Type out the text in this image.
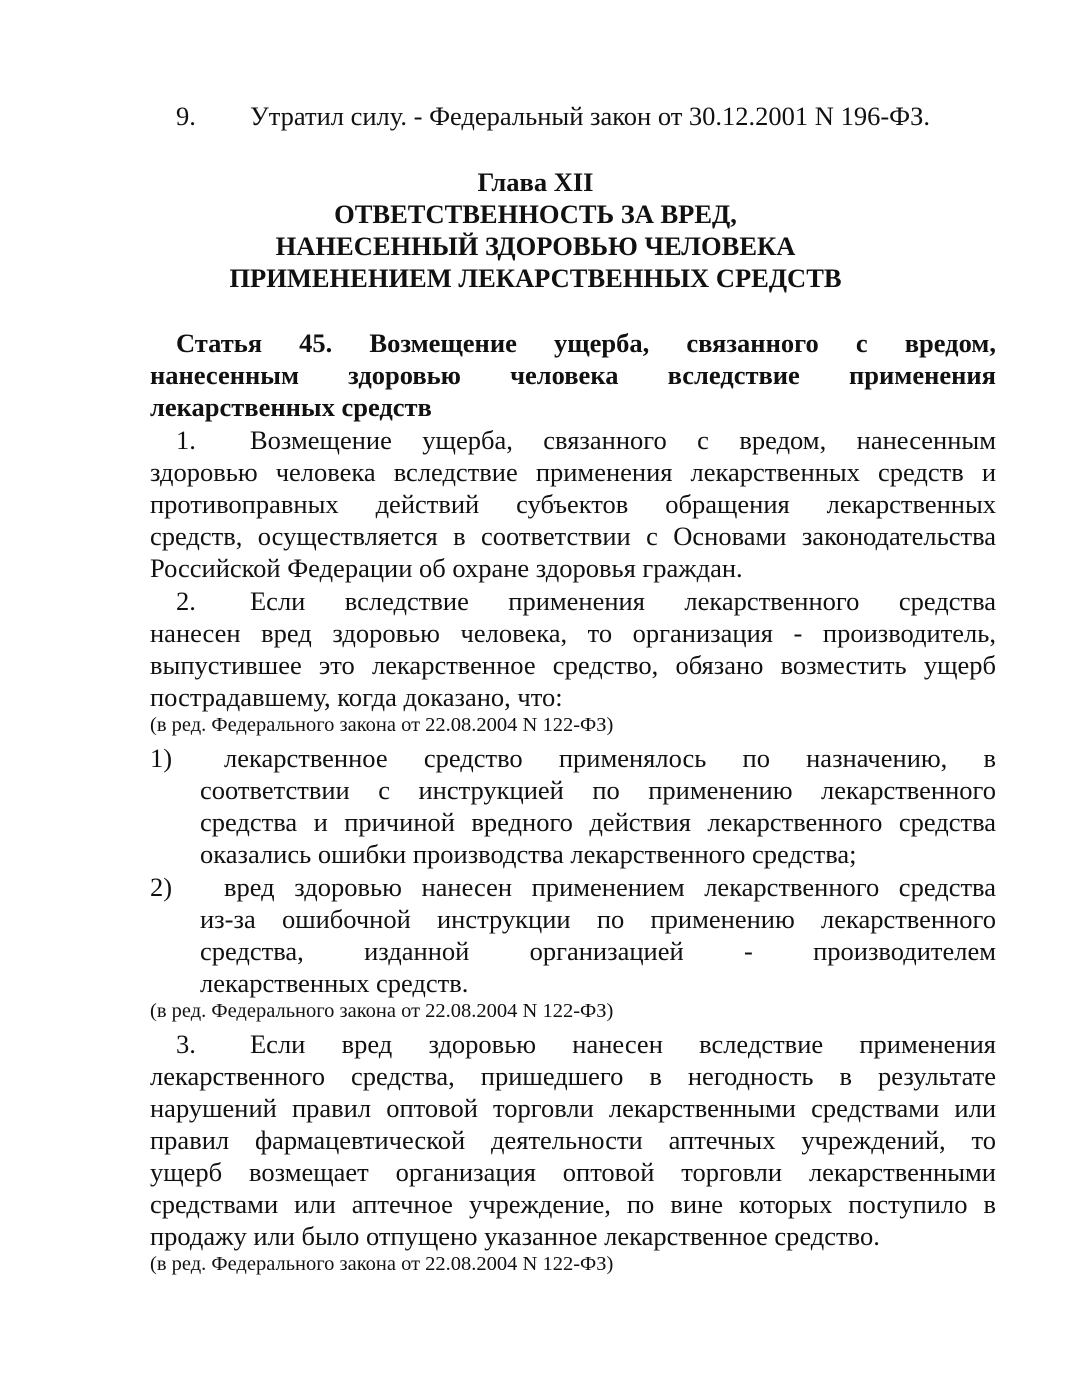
9. Утратил силу. - Федеральный закон от 30.12.2001 N 196-ФЗ.
Глава XII
ОТВЕТСТВЕННОСТЬ ЗА ВРЕД,
НАНЕСЕННЫЙ ЗДОРОВЬЮ ЧЕЛОВЕКА
ПРИМЕНЕНИЕМ ЛЕКАРСТВЕННЫХ СРЕДСТВ
Статья 45. Возмещение ущерба, связанного с вредом,
нанесенным здоровью человека вследствие применения
лекарственных средств
1. Возмещение ущерба, связанного с вредом, нанесенным
здоровью человека вследствие применения лекарственных средств и
противоправных действий субъектов обращения лекарственных
средств, осуществляется в соответствии с Основами законодательства
Российской Федерации об охране здоровья граждан.
2. Если вследствие применения лекарственного средства
нанесен вред здоровью человека, то организация - производитель,
выпустившее это лекарственное средство, обязано возместить ущерб
пострадавшему, когда доказано, что:
(в ред. Федерального закона от 22.08.2004 N 122-ФЗ)
1) лекарственное средство применялось по назначению, в
соответствии с инструкцией по применению лекарственного
средства и причиной вредного действия лекарственного средства
оказались ошибки производства лекарственного средства;
2) вред здоровью нанесен применением лекарственного средства
из-за ошибочной инструкции по применению лекарственного
средства, изданной организацией - производителем
лекарственных средств.
(в ред. Федерального закона от 22.08.2004 N 122-ФЗ)
3. Если вред здоровью нанесен вследствие применения
лекарственного средства, пришедшего в негодность в результате
нарушений правил оптовой торговли лекарственными средствами или
правил фармацевтической деятельности аптечных учреждений, то
ущерб возмещает организация оптовой торговли лекарственными
средствами или аптечное учреждение, по вине которых поступило в
продажу или было отпущено указанное лекарственное средство.
(в ред. Федерального закона от 22.08.2004 N 122-ФЗ)
